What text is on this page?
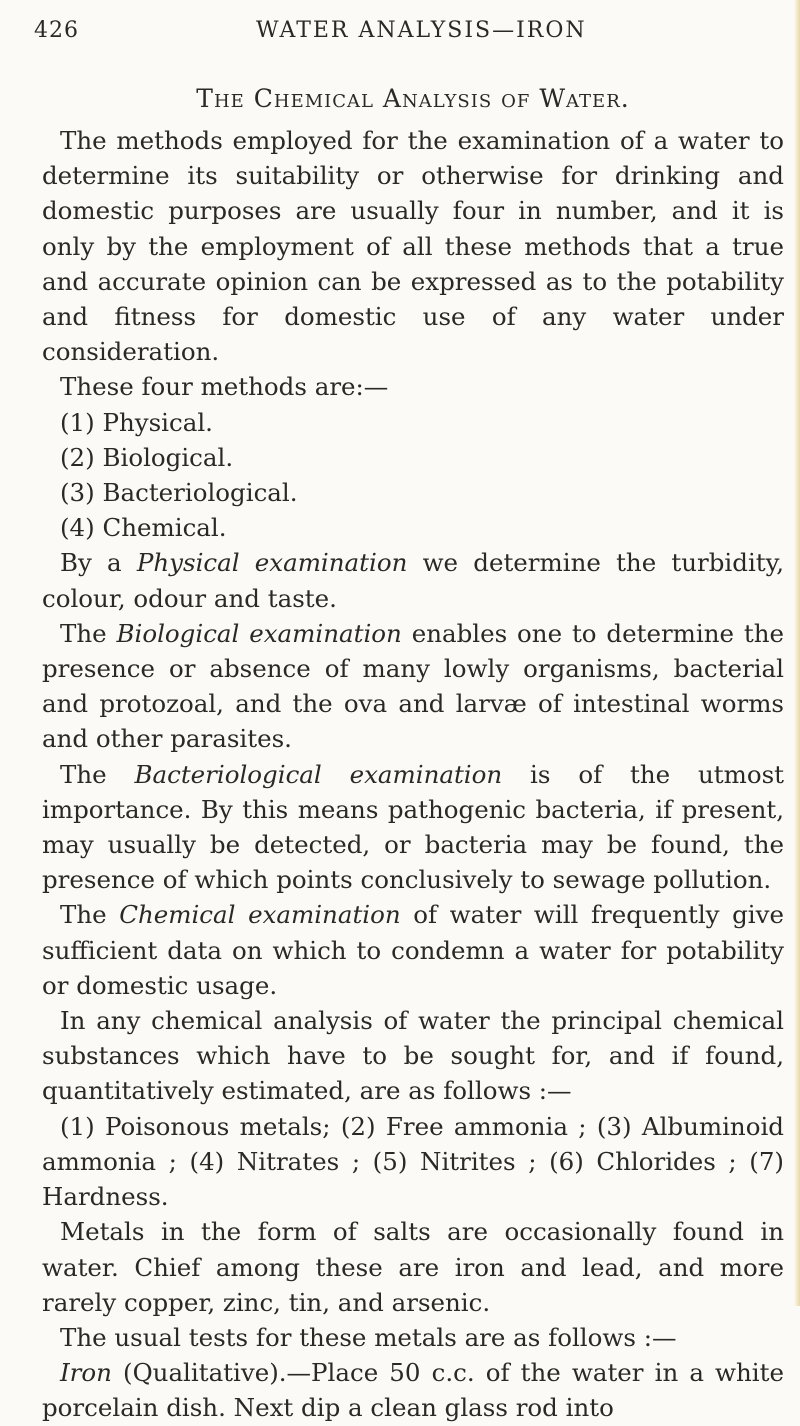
426	WATER ANALYSIS—IRON
The Chemical Analysis of Water.
The methods employed for the examination of a water to determine its suitability or otherwise for drinking and domestic purposes are usually four in number, and it is only by the employment of all these methods that a true and accurate opinion can be expressed as to the potability and fitness for domestic use of any water under consideration.
These four methods are:—
(1) Physical.
(2) Biological.
(3) Bacteriological.
(4) Chemical.
By a Physical examination we determine the turbidity, colour, odour and taste.
The Biological examination enables one to determine the presence or absence of many lowly organisms, bacterial and protozoal, and the ova and larvæ of intestinal worms and other parasites.
The Bacteriological examination is of the utmost importance. By this means pathogenic bacteria, if present, may usually be detected, or bacteria may be found, the presence of which points conclusively to sewage pollution.
The Chemical examination of water will frequently give sufficient data on which to condemn a water for potability or domestic usage.
In any chemical analysis of water the principal chemical substances which have to be sought for, and if found, quantitatively estimated, are as follows :—
(1) Poisonous metals; (2) Free ammonia ; (3) Albuminoid ammonia ; (4) Nitrates ; (5) Nitrites ; (6) Chlorides ; (7) Hardness.
Metals in the form of salts are occasionally found in water. Chief among these are iron and lead, and more rarely copper, zinc, tin, and arsenic.
The usual tests for these metals are as follows :—
Iron (Qualitative).—Place 50 c.c. of the water in a white porcelain dish. Next dip a clean glass rod into
